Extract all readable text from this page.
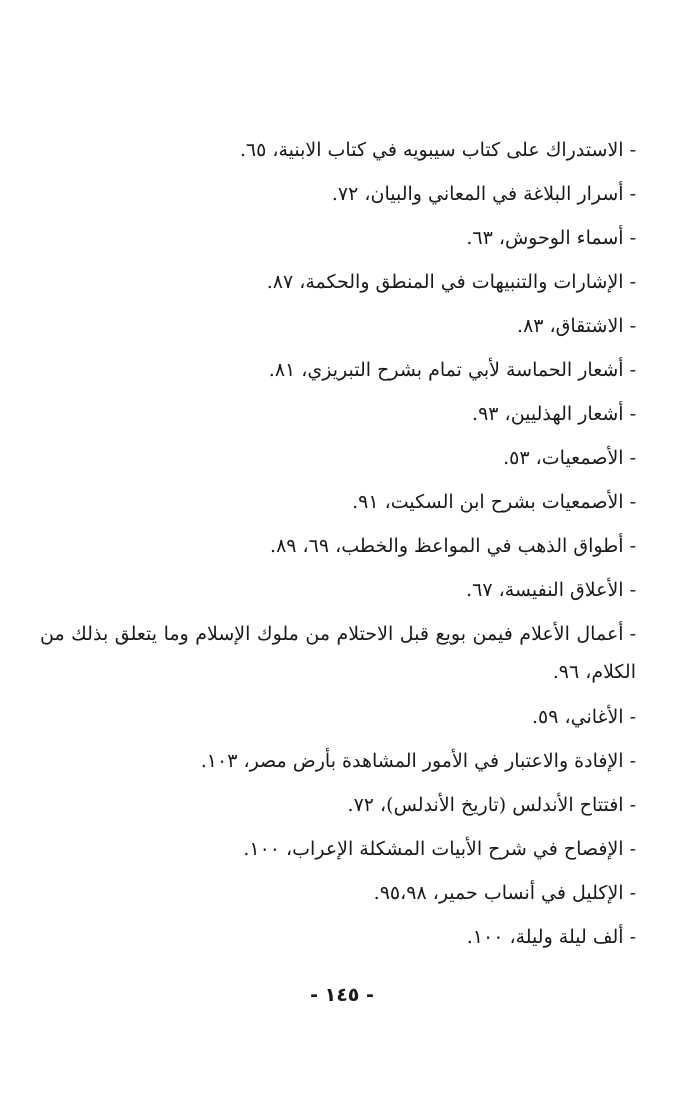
-الاستدراك على كتاب سيبويه في كتاب الابنية، ٦٥.
-أسرار البلاغة في المعاني والبيان، ٧٢.
-أسماء الوحوش، ٦٣.
-الإشارات والتنبيهات في المنطق والحكمة، ٨٧.
-الاشتقاق، ٨٣.
-أشعار الحماسة لأبي تمام بشرح التبريزي، ٨١.
-أشعار الهذليين، ٩٣.
-الأصمعيات، ٥٣.
-الأصمعيات بشرح ابن السكيت، ٩١.
-أطواق الذهب في المواعظ والخطب، ٦٩، ٨٩.
-الأعلاق النفيسة، ٦٧.
-أعمال الأعلام فيمن بويع قبل الاحتلام من ملوك الإسلام وما يتعلق بذلك من الكلام، ٩٦.
-الأغاني، ٥٩.
-الإفادة والاعتبار في الأمور المشاهدة بأرض مصر، ١٠٣.
-افتتاح الأندلس (تاريخ الأندلس)، ٧٢.
-الإفصاح في شرح الأبيات المشكلة الإعراب، ١٠٠.
-الإكليل في أنساب حمير، ٩٥،٩٨.
-ألف ليلة وليلة، ١٠٠.
- ١٤٥ -
